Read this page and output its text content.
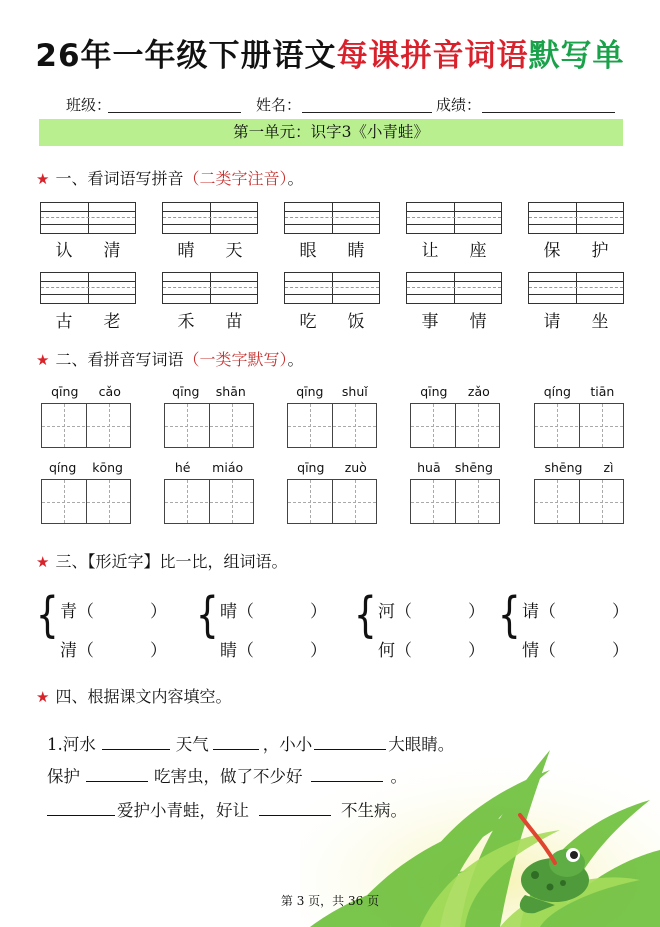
26年一年级下册语文每课拼音词语默写单
班级：	姓名：	成绩：
第一单元：识字3《小青蛙》
★ 一、看词语写拼音（二类字注音）。
认 清	晴 天	眼 睛	让 座	保 护
古 老	禾 苗	吃 饭	事 情	请 坐
★ 二、看拼音写词语（一类字默写）。
qīng cǎo	qīng shān	qīng shuǐ	qīng zǎo	qíng tiān
qíng kōng	hé miáo	qīng zuò	huā shēng	shēng zì
★ 三、【形近字】比一比，组词语。
{ 青（	）
清（	）
{ 晴（	）
睛（	）
{ 河（	）
何（	）
{ 请（	）
情（	）
★ 四、根据课文内容填空。
1.河水	天气	，小小	大眼睛。
保护	吃害虫，做了不少好	。
爱护小青蛙，好让	不生病。
第 3 页，共 36 页
